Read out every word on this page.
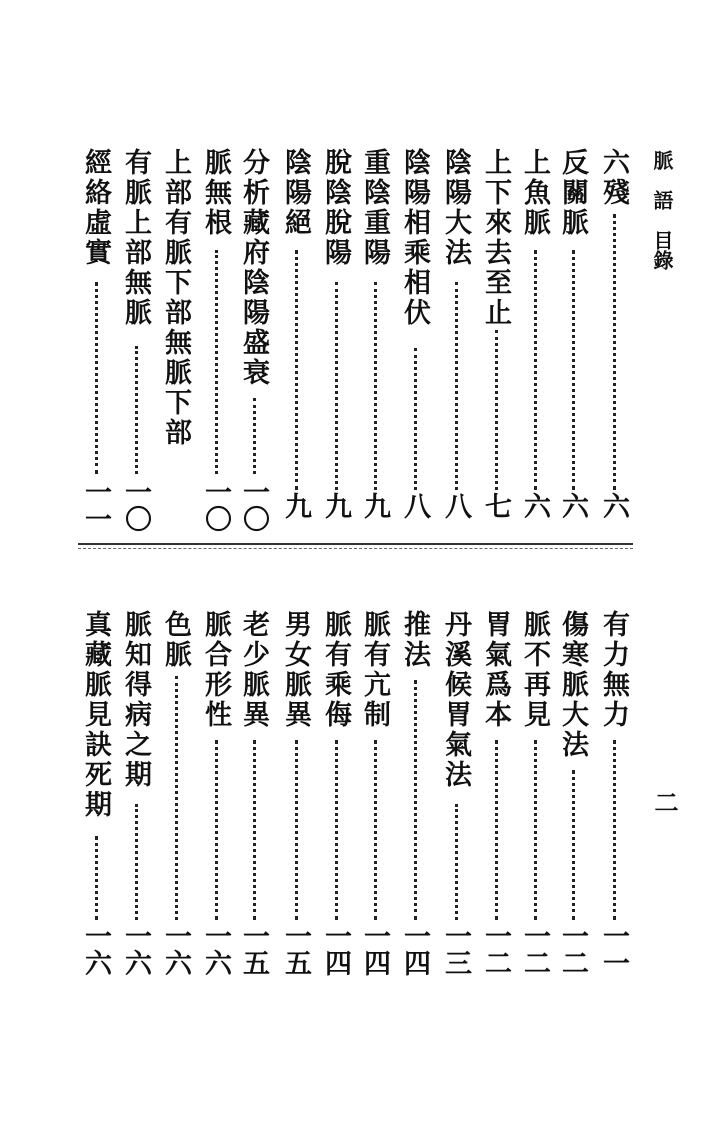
脈　語　目錄
二
六殘
六
反關脈
六
上魚脈
六
上下來去至止
七
陰陽大法
八
陰陽相乘相伏
八
重陰重陽
九
脫陰脫陽
九
陰陽絕
九
分析藏府陰陽盛衰
一〇
脈無根
一〇
上部有脈下部無脈下部
有脈上部無脈
一〇
經絡虛實
一一
有力無力
一一
傷寒脈大法
一二
脈不再見
一二
胃氣爲本
一二
丹溪候胃氣法
一三
推法
一四
脈有亢制
一四
脈有乘侮
一四
男女脈異
一五
老少脈異
一五
脈合形性
一六
色脈
一六
脈知得病之期
一六
真藏脈見訣死期
一六
